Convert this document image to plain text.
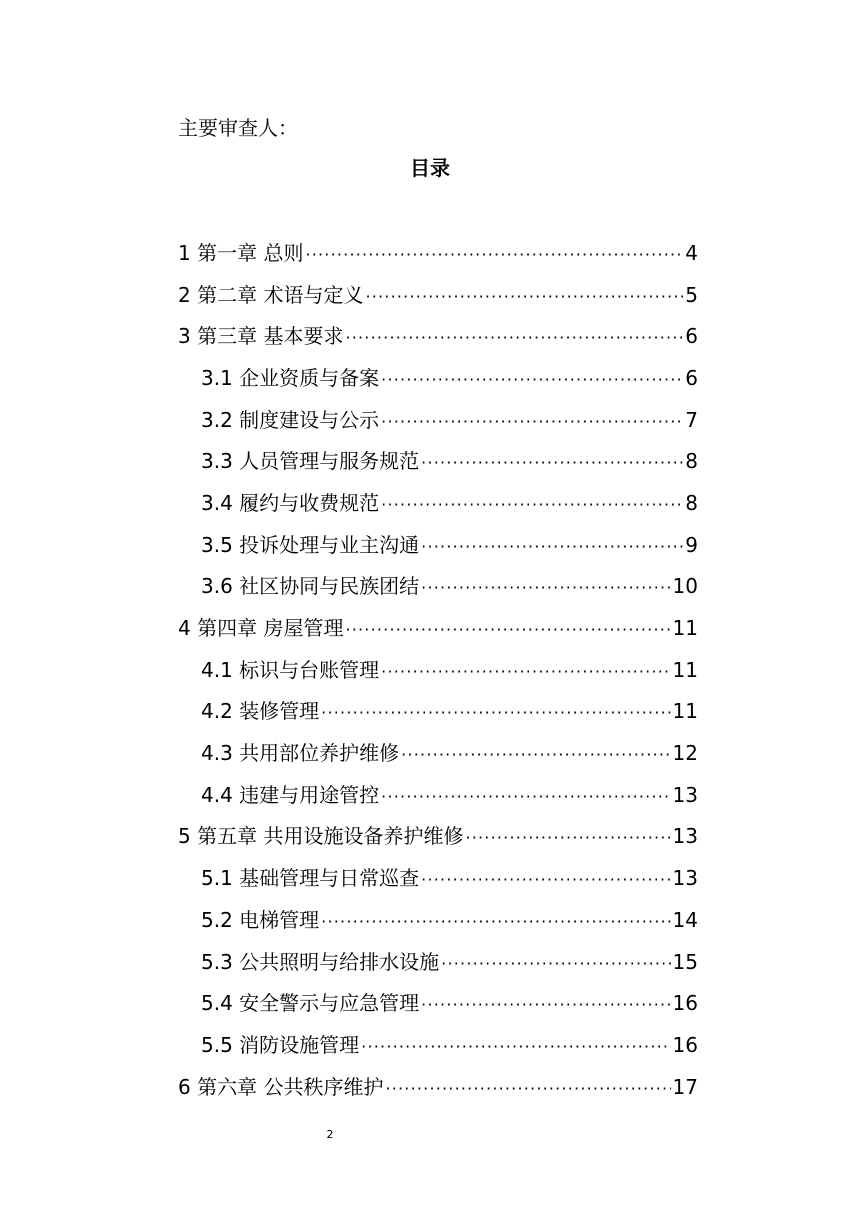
主要审查人：
目录
1 第一章 总则 ·····	4
2 第二章 术语与定义 ·····	5
3 第三章 基本要求 ·····	6
3.1 企业资质与备案 ·····	6
3.2 制度建设与公示 ·····	7
3.3 人员管理与服务规范 ·····	8
3.4 履约与收费规范 ·····	8
3.5 投诉处理与业主沟通 ·····	9
3.6 社区协同与民族团结 ·····	10
4 第四章 房屋管理 ·····	11
4.1 标识与台账管理 ·····	11
4.2 装修管理 ·····	11
4.3 共用部位养护维修 ·····	12
4.4 违建与用途管控 ·····	13
5 第五章 共用设施设备养护维修 ·····	13
5.1 基础管理与日常巡查 ·····	13
5.2 电梯管理 ·····	14
5.3 公共照明与给排水设施 ·····	15
5.4 安全警示与应急管理 ·····	16
5.5 消防设施管理 ·····	16
6 第六章 公共秩序维护 ·····	17
2
